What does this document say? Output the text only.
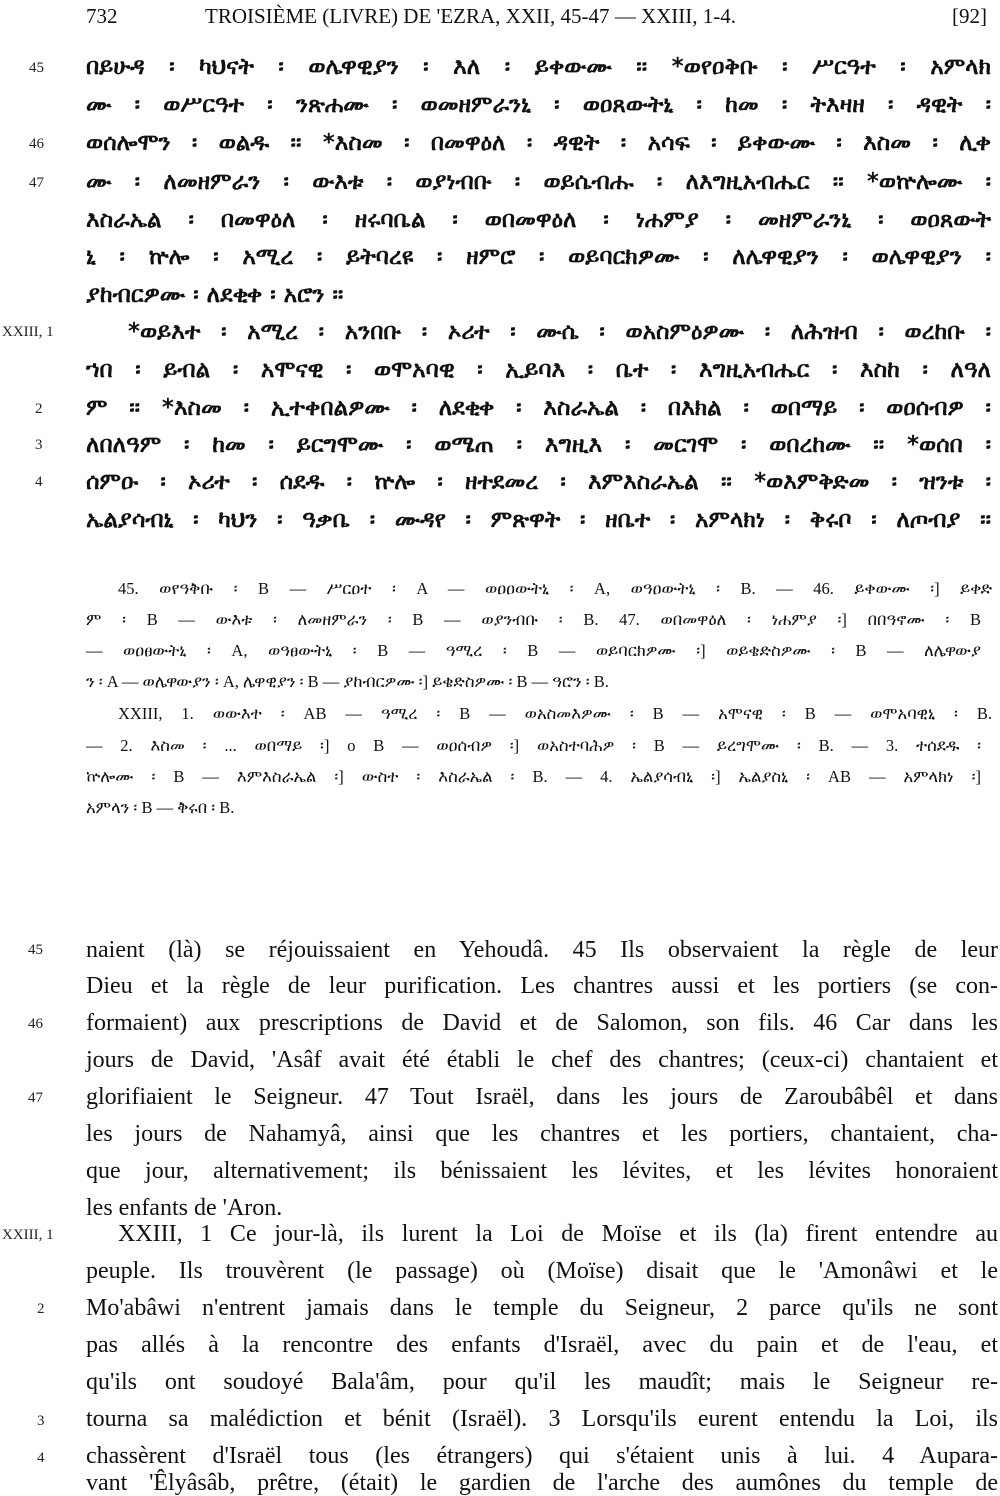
732	TROISIÈME (LIVRE) DE 'EZRA, XXII, 45-47 — XXIII, 1-4.	[92]
45
46
47
XXIII, 1
2
3
4
በይሁዳ ፡ ካህናት ፡ ወሌዋዊያን ፡ እለ ፡ ይቀውሙ ፡፡ *ወየዐቅቡ ፡ ሥርዓተ ፡ አምላክ
ሙ ፡ ወሥርዓተ ፡ ንጽሐሙ ፡ ወመዘምራንኒ ፡ ወዐጸውትኒ ፡ ከመ ፡ ትእዛዘ ፡ ዳዊት ፡
ወሰሎሞን ፡ ወልዱ ፡፡ *እስመ ፡ በመዋዕለ ፡ ዳዊት ፡ አሳፍ ፡ ይቀውሙ ፡ እስመ ፡ ሊቀ
ሙ ፡ ለመዘምራን ፡ ውእቱ ፡ ወያነብቡ ፡ ወይሴብሑ ፡ ለእግዚአብሔር ፡፡ *ወኵሎሙ ፡
እስራኤል ፡ በመዋዕለ ፡ ዘሩባቤል ፡ ወበመዋዕለ ፡ ነሐምያ ፡ መዘምራንኒ ፡ ወዐጸውት
ኒ ፡ ኵሎ ፡ አሚረ ፡ ይትባረዩ ፡ ዘምሮ ፡ ወይባርክዎሙ ፡ ለሌዋዊያን ፡ ወሌዋዊያን ፡
ያከብርዎሙ ፡ ለደቂቀ ፡ አሮን ፡፡
*ወይእተ ፡ አሚረ ፡ አንበቡ ፡ ኦሪተ ፡ ሙሴ ፡ ወአስምዕዎሙ ፡ ለሕዝብ ፡ ወረከቡ ፡
ኀበ ፡ ይብል ፡ አሞናዊ ፡ ወሞአባዊ ፡ ኢይባእ ፡ ቤተ ፡ እግዚአብሔር ፡ እስከ ፡ ለዓለ
ም ፡፡ *እስመ ፡ ኢተቀበልዎሙ ፡ ለደቂቀ ፡ እስራኤል ፡ በእክል ፡ ወበማይ ፡ ወዐሰብዎ ፡
ለበለዓም ፡ ከመ ፡ ይርግሞሙ ፡ ወሜጠ ፡ እግዚእ ፡ መርገሞ ፡ ወበረከሙ ፡፡ *ወሰበ ፡
ሰምዑ ፡ ኦሪተ ፡ ሰደዱ ፡ ኵሎ ፡ ዘተደመረ ፡ እምእስራኤል ፡፡ *ወእምቅድመ ፡ ዝንቱ ፡
ኤልያሳብኒ ፡ ካህን ፡ ዓቃቤ ፡ ሙዳየ ፡ ምጽዋት ፡ ዘቤተ ፡ አምላክነ ፡ ቅሩቦ ፡ ለጦብያ ፡፡
45. ወየዓቅቡ ፡ B — ሥርዐተ ፡ A — ወዐዐውትኒ ፡ A, ወዓዐውትኒ ፡ B. — 46. ይቀውሙ ፡] ይቀድ
ም ፡ B — ውእቱ ፡ ለመዘምራን ፡ B — ወያንብቡ ፡ B. 47. ወበመዋዕለ ፡ ነሐምያ ፡] በበዓኖሙ ፡ B
— ወዐፀውትኒ ፡ A, ወዓፀውትኒ ፡ B — ዓሚረ ፡ B — ወይባርክዎሙ ፡] ወይቄድስዎሙ ፡ B — ለሌዋውያ
ን ፡ A — ወሌዋውያን ፡ A, ሌዋዊያን ፡ B — ያከብርዎሙ ፡] ይቄድስዎሙ ፡ B — ዓሮን ፡ B.
XXIII, 1. ወውእተ ፡ AB — ዓሚረ ፡ B — ወአስመእዎሙ ፡ B — አሞናዊ ፡ B — ወሞአባዊኒ ፡ B.
— 2. እስመ ፡ ... ወበማይ ፡] o B — ወዐሰብዎ ፡] ወአስተባሕዎ ፡ B — ይረግሞሙ ፡ B. — 3. ተሰደዱ ፡
ኵሎሙ ፡ B — እምእስራኤል ፡] ውስተ ፡ እስራኤል ፡ B. — 4. ኤልያሳብኒ ፡] ኤልያስኒ ፡ AB — አምላክነ ፡]
አምላን ፡ B — ቅሩበ ፡ B.
45
46
47
XXIII, 1
2
3
4
naient (là) se réjouissaient en Yehoudâ. 45 Ils observaient la règle de leur
Dieu et la règle de leur purification. Les chantres aussi et les portiers (se con-
formaient) aux prescriptions de David et de Salomon, son fils. 46 Car dans les
jours de David, 'Asâf avait été établi le chef des chantres; (ceux-ci) chantaient et
glorifiaient le Seigneur. 47 Tout Israël, dans les jours de Zaroubâbêl et dans
les jours de Nahamyâ, ainsi que les chantres et les portiers, chantaient, cha-
que jour, alternativement; ils bénissaient les lévites, et les lévites honoraient
les enfants de 'Aron.
XXIII, 1 Ce jour-là, ils lurent la Loi de Moïse et ils (la) firent entendre au
peuple. Ils trouvèrent (le passage) où (Moïse) disait que le 'Amonâwi et le
Mo'abâwi n'entrent jamais dans le temple du Seigneur, 2 parce qu'ils ne sont
pas allés à la rencontre des enfants d'Israël, avec du pain et de l'eau, et
qu'ils ont soudoyé Bala'âm, pour qu'il les maudît; mais le Seigneur re-
tourna sa malédiction et bénit (Israël). 3 Lorsqu'ils eurent entendu la Loi, ils
chassèrent d'Israël tous (les étrangers) qui s'étaient unis à lui. 4 Aupara-
vant 'Êlyâsâb, prêtre, (était) le gardien de l'arche des aumônes du temple de
